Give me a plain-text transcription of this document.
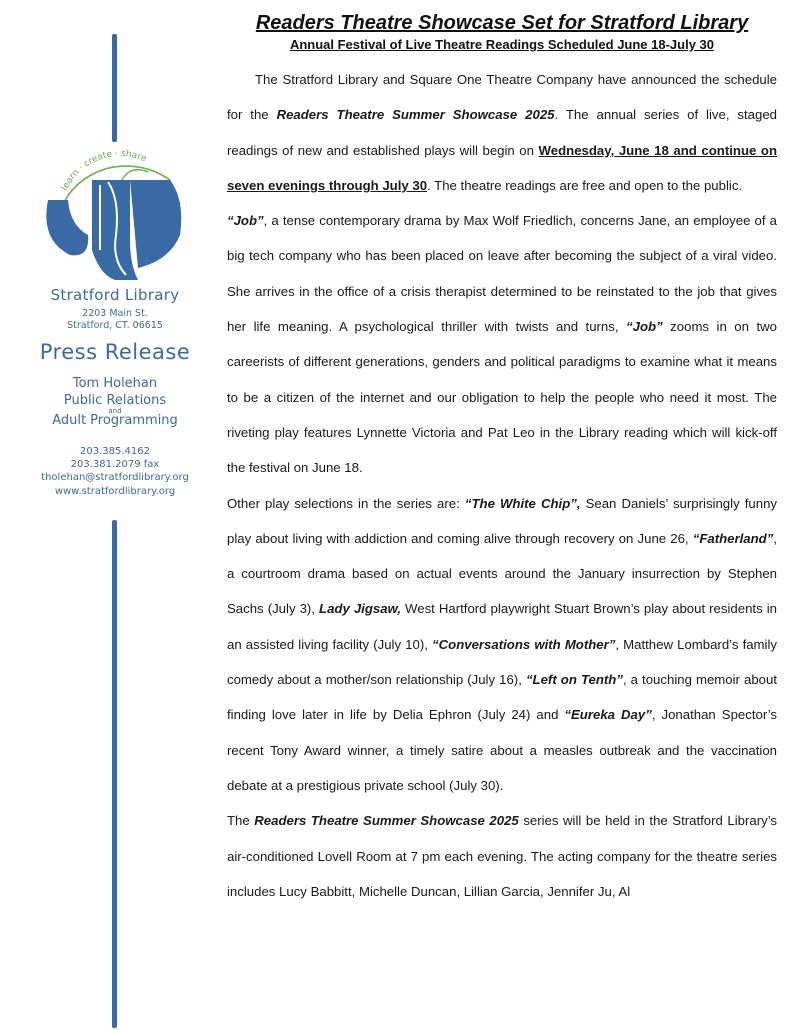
learn · create · share
Stratford Library
2203 Main St.
Stratford, CT. 06615
Press Release
Tom Holehan
Public Relations
and
Adult Programming
203.385.4162
203.381.2079 fax
tholehan@stratfordlibrary.org
www.stratfordlibrary.org
Readers Theatre Showcase Set for Stratford Library
Annual Festival of Live Theatre Readings Scheduled June 18-July 30

The Stratford Library and Square One Theatre Company have announced the schedule for the Readers Theatre Summer Showcase 2025. The annual series of live, staged readings of new and established plays will begin on Wednesday, June 18 and continue on seven evenings through July 30. The theatre readings are free and open to the public.

“Job”, a tense contemporary drama by Max Wolf Friedlich, concerns Jane, an employee of a big tech company who has been placed on leave after becoming the subject of a viral video. She arrives in the office of a crisis therapist determined to be reinstated to the job that gives her life meaning. A psychological thriller with twists and turns, “Job” zooms in on two careerists of different generations, genders and political paradigms to examine what it means to be a citizen of the internet and our obligation to help the people who need it most. The riveting play features Lynnette Victoria and Pat Leo in the Library reading which will kick-off the festival on June 18.

Other play selections in the series are: “The White Chip”, Sean Daniels’ surprisingly funny play about living with addiction and coming alive through recovery on June 26, “Fatherland”, a courtroom drama based on actual events around the January insurrection by Stephen Sachs (July 3), Lady Jigsaw, West Hartford playwright Stuart Brown’s play about residents in an assisted living facility (July 10), “Conversations with Mother”, Matthew Lombard’s family comedy about a mother/son relationship (July 16), “Left on Tenth”, a touching memoir about finding love later in life by Delia Ephron (July 24) and “Eureka Day”, Jonathan Spector’s recent Tony Award winner, a timely satire about a measles outbreak and the vaccination debate at a prestigious private school (July 30).

The Readers Theatre Summer Showcase 2025 series will be held in the Stratford Library’s air-conditioned Lovell Room at 7 pm each evening. The acting company for the theatre series includes Lucy Babbitt, Michelle Duncan, Lillian Garcia, Jennifer Ju, Al
